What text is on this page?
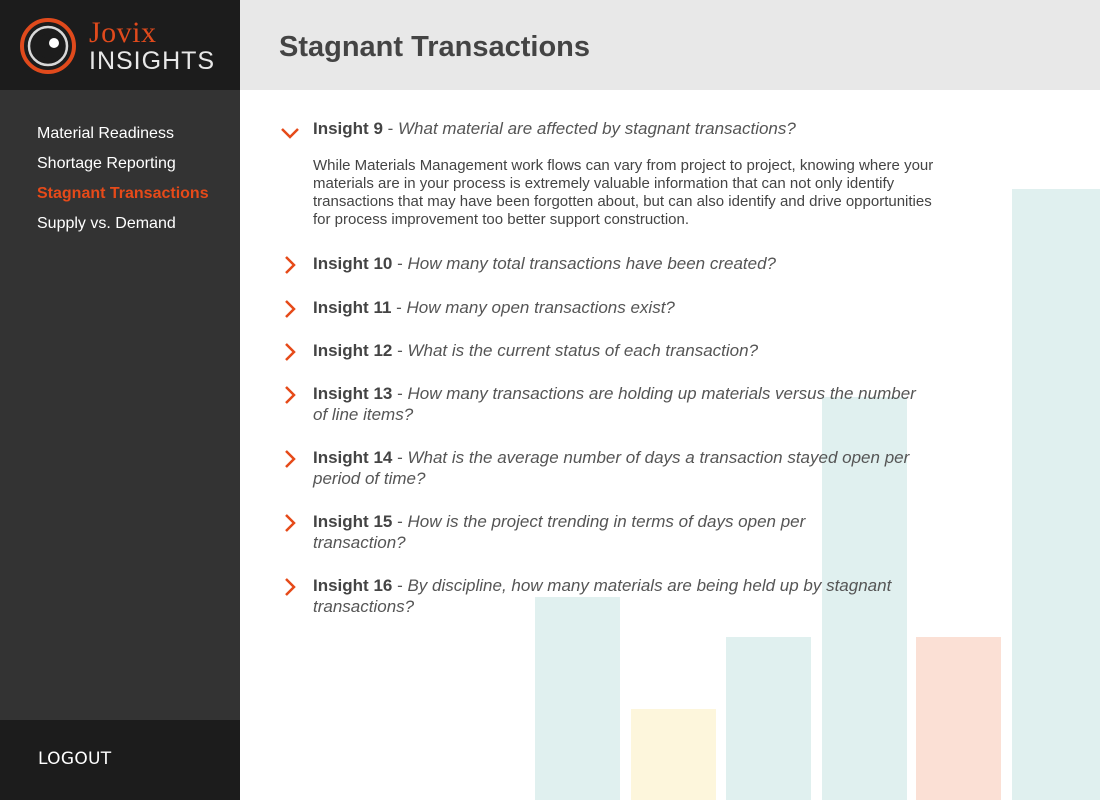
Jovix
INSIGHTS
Material Readiness
Shortage Reporting
Stagnant Transactions
Supply vs. Demand
LOGOUT
Stagnant Transactions
Insight 9 - What material are affected by stagnant transactions?

While Materials Management work flows can vary from project to project, knowing where your materials are in your process is extremely valuable information that can not only identify transactions that may have been forgotten about, but can also identify and drive opportunities for process improvement too better support construction.

Insight 10 - How many total transactions have been created?
Insight 11 - How many open transactions exist?
Insight 12 - What is the current status of each transaction?
Insight 13 - How many transactions are holding up materials versus the number of line items?
Insight 14 - What is the average number of days a transaction stayed open per period of time?
Insight 15 - How is the project trending in terms of days open per transaction?
Insight 16 - By discipline, how many materials are being held up by stagnant transactions?
